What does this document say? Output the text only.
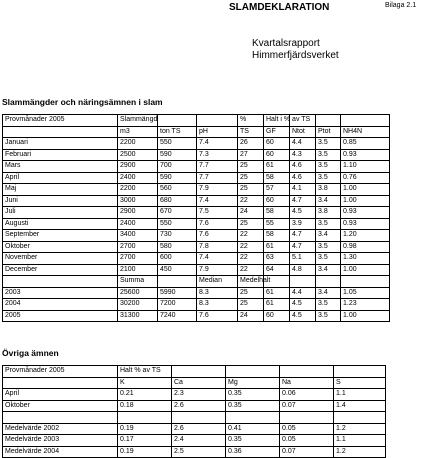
SLAMDEKLARATION	Bilaga 2.1
Kvartalsrapport
Himmerfjärdsverket
Slammängder och näringsämnen i slam
Provmånader 2005	Slammängd			%	Halt i % av TS			
	m3	ton TS	pH	TS	GF	Ntot	Ptot	NH4N
Januari	2200	550	7.4	26	60	4.4	3.5	0.85
Februari	2500	590	7.3	27	60	4.3	3.5	0.93
Mars	2900	700	7.7	25	61	4.6	3.5	1.10
April	2400	590	7.7	25	58	4.6	3.5	0.76
Maj	2200	560	7.9	25	57	4.1	3.8	1.00
Juni	3000	680	7.4	22	60	4.7	3.4	1.00
Juli	2900	670	7.5	24	58	4.5	3.8	0.93
Augusti	2400	550	7.6	25	55	3.9	3.5	0.93
September	3400	730	7.6	22	58	4.7	3.4	1.20
Oktober	2700	580	7.8	22	61	4.7	3.5	0.98
November	2700	600	7.4	22	63	5.1	3.5	1.30
December	2100	450	7.9	22	64	4.8	3.4	1.00
	Summa		Median	Medelhalt				
2003	25600	5990	8.3	25	61	4.4	3.4	1.05
2004	30200	7200	8.3	25	61	4.5	3.5	1.23
2005	31300	7240	7.6	24	60	4.5	3.5	1.00
Övriga ämnen
Provmånader 2005	Halt % av TS				
	K	Ca	Mg	Na	S
April	0.21	2.3	0.35	0.06	1.1
Oktober	0.18	2.6	0.35	0.07	1.4

Medelvärde 2002	0.19	2.6	0.41	0.05	1.2
Medelvärde 2003	0.17	2.4	0.35	0.05	1.1
Medelvärde 2004	0.19	2.5	0.36	0.07	1.2
